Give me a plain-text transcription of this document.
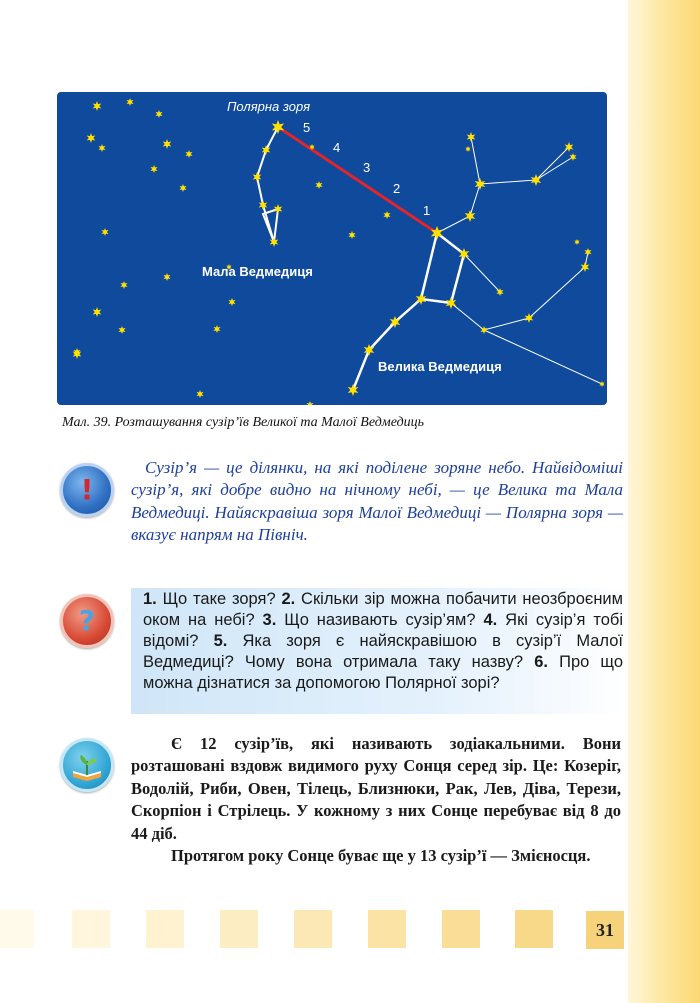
5
4
3
2
1
Полярна зоря
Мала Ведмедиця
Велика Ведмедиця
Мал. 39. Розташування сузір’їв Великої та Малої Ведмедиць
!

Сузір’я — це ділянки, на які поділене зоряне небо. Найвідоміші сузір’я, які добре видно на нічному небі, — це Велика та Мала Ведмедиці. Найяскравіша зоря Малої Ведмедиці — Полярна зоря — вказує напрям на Північ.

?

1. Що таке зоря? 2. Скільки зір можна побачити неозброєним оком на небі? 3. Що називають сузір’ям? 4. Які сузір’я тобі відомі? 5. Яка зоря є найяскравішою в сузір’ї Малої Ведмедиці? Чому вона отримала таку назву? 6. Про що можна дізнатися за допомогою Полярної зорі?

Є 12 сузір’їв, які називають зодіакальними. Вони розташовані вздовж видимого руху Сонця серед зір. Це: Козеріг, Водолій, Риби, Овен, Тілець, Близнюки, Рак, Лев, Діва, Терези, Скорпіон і Стрілець. У кожному з них Сонце перебуває від 8 до 44 діб.

Протягом року Сонце буває ще у 13 сузір’ї — Змієносця.

31
